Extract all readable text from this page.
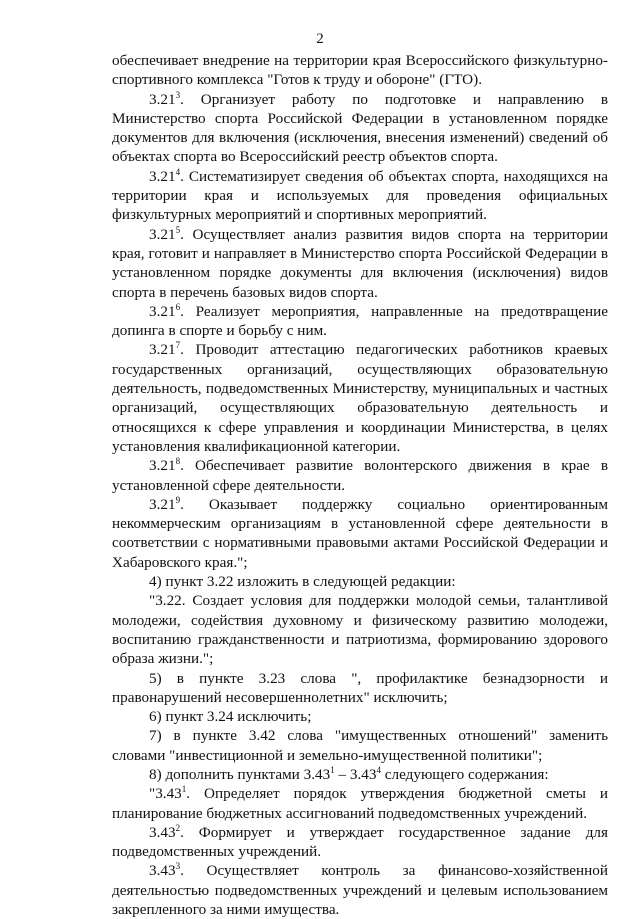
2

обеспечивает внедрение на территории края Всероссийского физкультурно-спортивного комплекса "Готов к труду и обороне" (ГТО).

3.21$^3$. Организует работу по подготовке и направлению в Министерство спорта Российской Федерации в установленном порядке документов для включения (исключения, внесения изменений) сведений об объектах спорта во Всероссийский реестр объектов спорта.

3.21$^4$. Систематизирует сведения об объектах спорта, находящихся на территории края и используемых для проведения официальных физкультурных мероприятий и спортивных мероприятий.

3.21$^5$. Осуществляет анализ развития видов спорта на территории края, готовит и направляет в Министерство спорта Российской Федерации в установленном порядке документы для включения (исключения) видов спорта в перечень базовых видов спорта.

3.21$^6$. Реализует мероприятия, направленные на предотвращение допинга в спорте и борьбу с ним.

3.21$^7$. Проводит аттестацию педагогических работников краевых государственных организаций, осуществляющих образовательную деятельность, подведомственных Министерству, муниципальных и частных организаций, осуществляющих образовательную деятельность и относящихся к сфере управления и координации Министерства, в целях установления квалификационной категории.

3.21$^8$. Обеспечивает развитие волонтерского движения в крае в установленной сфере деятельности.

3.21$^9$. Оказывает поддержку социально ориентированным некоммерческим организациям в установленной сфере деятельности в соответствии с нормативными правовыми актами Российской Федерации и Хабаровского края.";

4) пункт 3.22 изложить в следующей редакции:

"3.22. Создает условия для поддержки молодой семьи, талантливой молодежи, содействия духовному и физическому развитию молодежи, воспитанию гражданственности и патриотизма, формированию здорового образа жизни.";

5) в пункте 3.23 слова ", профилактике безнадзорности и правонарушений несовершеннолетних" исключить;

6) пункт 3.24 исключить;

7) в пункте 3.42 слова "имущественных отношений" заменить словами "инвестиционной и земельно-имущественной политики";

8) дополнить пунктами 3.43$^1$ – 3.43$^4$ следующего содержания:

"3.43$^1$. Определяет порядок утверждения бюджетной сметы и планирование бюджетных ассигнований подведомственных учреждений.

3.43$^2$. Формирует и утверждает государственное задание для подведомственных учреждений.

3.43$^3$. Осуществляет контроль за финансово-хозяйственной деятельностью подведомственных учреждений и целевым использованием закрепленного за ними имущества.
